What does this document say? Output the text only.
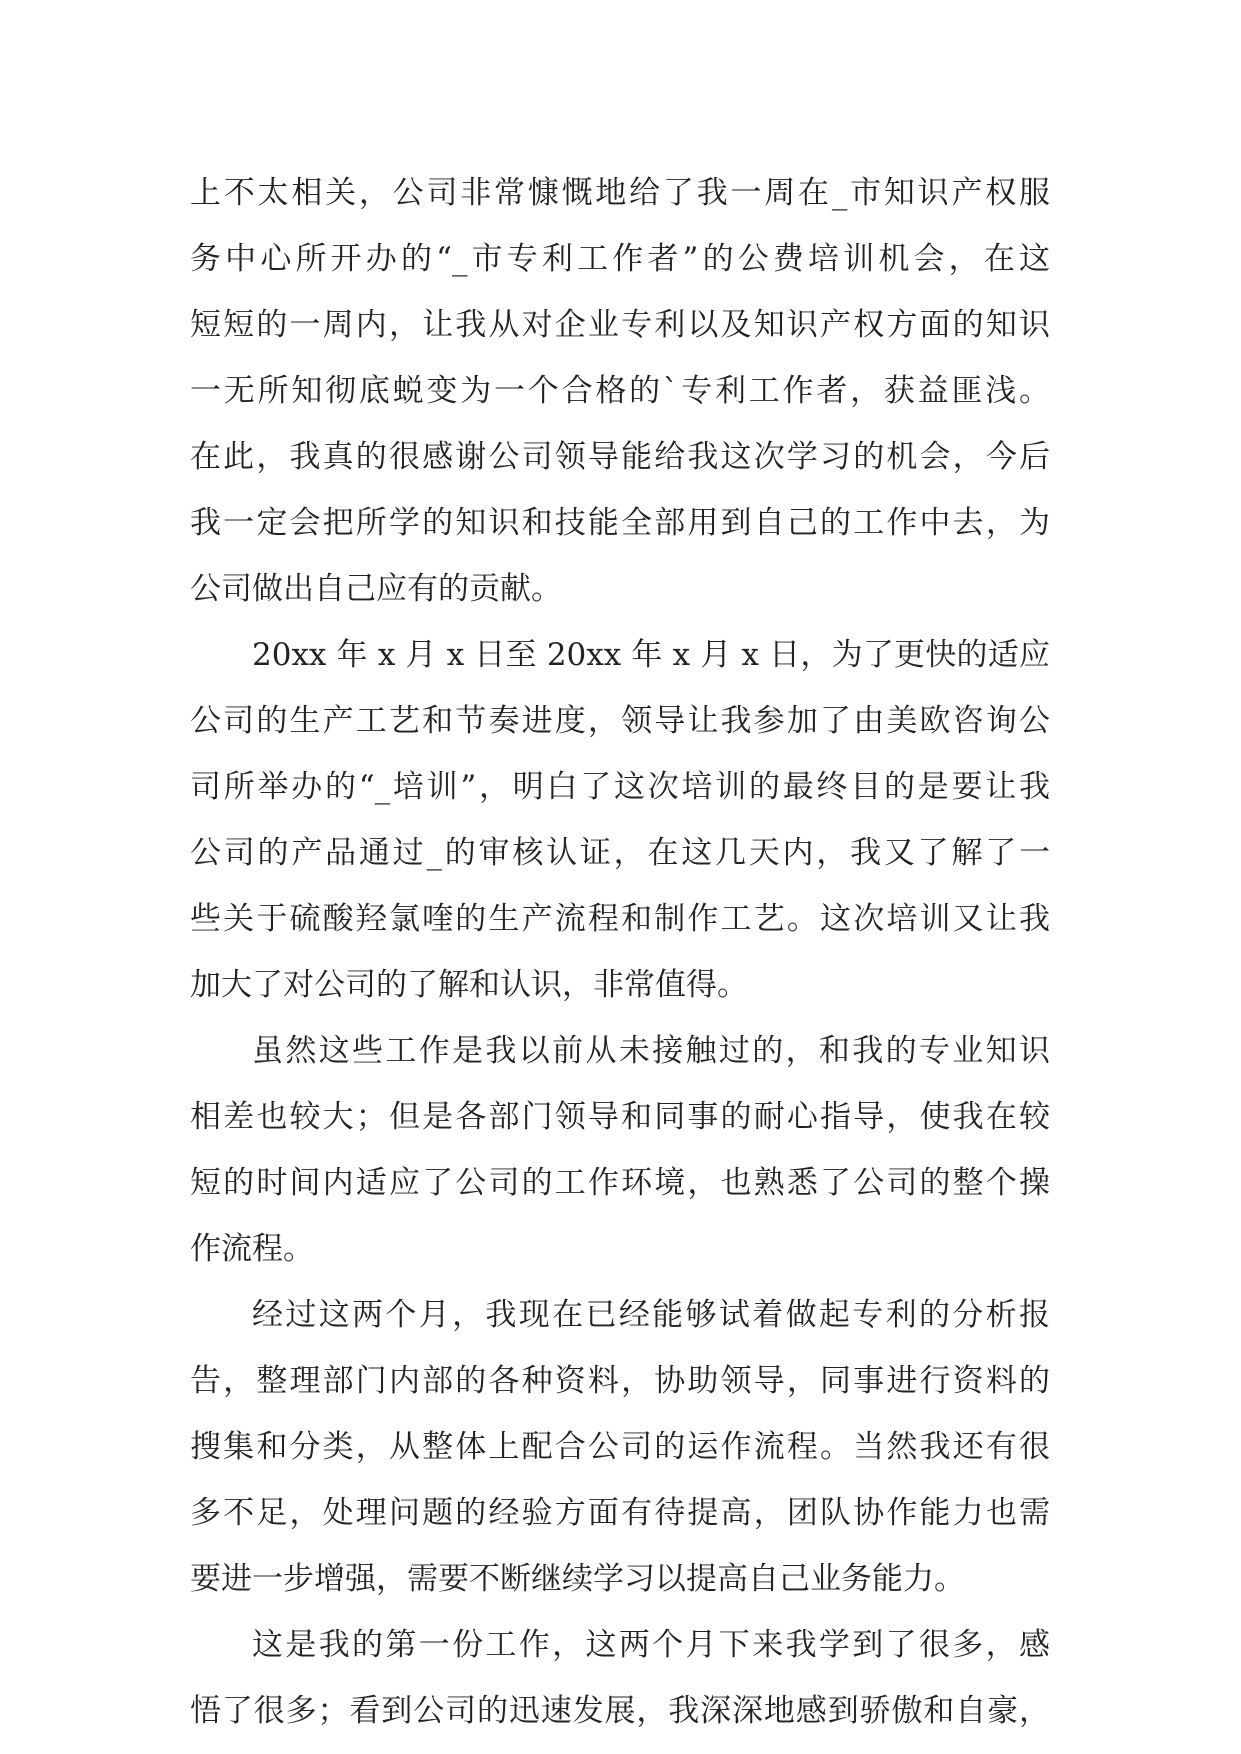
上不太相关，公司非常慷慨地给了我一周在_市知识产权服
务中心所开办的“_市专利工作者”的公费培训机会，在这
短短的一周内，让我从对企业专利以及知识产权方面的知识
一无所知彻底蜕变为一个合格的`专利工作者，获益匪浅。
在此，我真的很感谢公司领导能给我这次学习的机会，今后
我一定会把所学的知识和技能全部用到自己的工作中去，为
公司做出自己应有的贡献。
20xx 年 x 月 x 日至 20xx 年 x 月 x 日，为了更快的适应
公司的生产工艺和节奏进度，领导让我参加了由美欧咨询公
司所举办的“_培训”，明白了这次培训的最终目的是要让我
公司的产品通过_的审核认证，在这几天内，我又了解了一
些关于硫酸羟氯喹的生产流程和制作工艺。这次培训又让我
加大了对公司的了解和认识，非常值得。
虽然这些工作是我以前从未接触过的，和我的专业知识
相差也较大；但是各部门领导和同事的耐心指导，使我在较
短的时间内适应了公司的工作环境，也熟悉了公司的整个操
作流程。
经过这两个月，我现在已经能够试着做起专利的分析报
告，整理部门内部的各种资料，协助领导，同事进行资料的
搜集和分类，从整体上配合公司的运作流程。当然我还有很
多不足，处理问题的经验方面有待提高，团队协作能力也需
要进一步增强，需要不断继续学习以提高自己业务能力。
这是我的第一份工作，这两个月下来我学到了很多，感
悟了很多；看到公司的迅速发展，我深深地感到骄傲和自豪，
